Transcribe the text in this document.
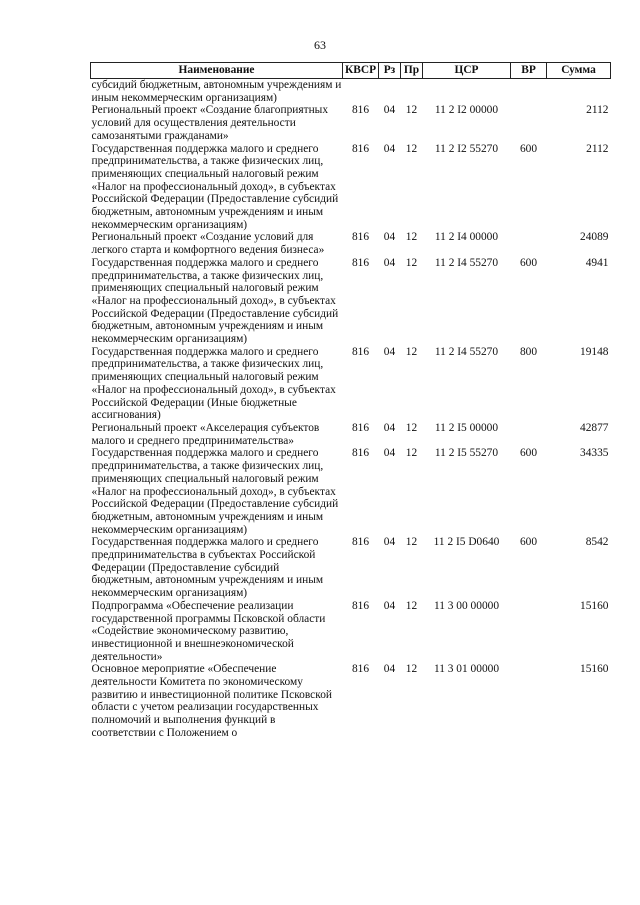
63
Наименование	КВСР	Рз	Пр	ЦСР	ВР	Сумма
субсидий бюджетным, автономным учреждениям и иным некоммерческим организациям)						
Региональный проект «Создание благоприятных условий для осуществления деятельности самозанятыми гражданами»	816	04	12	11 2 I2 00000		2112
Государственная поддержка малого и среднего предпринимательства, а также физических лиц, применяющих специальный налоговый режим «Налог на профессиональный доход», в субъектах Российской Федерации (Предоставление субсидий бюджетным, автономным учреждениям и иным некоммерческим организациям)	816	04	12	11 2 I2 55270	600	2112
Региональный проект «Создание условий для легкого старта и комфортного ведения бизнеса»	816	04	12	11 2 I4 00000		24089
Государственная поддержка малого и среднего предпринимательства, а также физических лиц, применяющих специальный налоговый режим «Налог на профессиональный доход», в субъектах Российской Федерации (Предоставление субсидий бюджетным, автономным учреждениям и иным некоммерческим организациям)	816	04	12	11 2 I4 55270	600	4941
Государственная поддержка малого и среднего предпринимательства, а также физических лиц, применяющих специальный налоговый режим «Налог на профессиональный доход», в субъектах Российской Федерации (Иные бюджетные ассигнования)	816	04	12	11 2 I4 55270	800	19148
Региональный проект «Акселерация субъектов малого и среднего предпринимательства»	816	04	12	11 2 I5 00000		42877
Государственная поддержка малого и среднего предпринимательства, а также физических лиц, применяющих специальный налоговый режим «Налог на профессиональный доход», в субъектах Российской Федерации (Предоставление субсидий бюджетным, автономным учреждениям и иным некоммерческим организациям)	816	04	12	11 2 I5 55270	600	34335
Государственная поддержка малого и среднего предпринимательства в субъектах Российской Федерации (Предоставление субсидий бюджетным, автономным учреждениям и иным некоммерческим организациям)	816	04	12	11 2 I5 D0640	600	8542
Подпрограмма «Обеспечение реализации государственной программы Псковской области «Содействие экономическому развитию, инвестиционной и внешнеэкономической деятельности»	816	04	12	11 3 00 00000		15160
Основное мероприятие «Обеспечение деятельности Комитета по экономическому развитию и инвестиционной политике Псковской области с учетом реализации государственных полномочий и выполнения функций в соответствии с Положением о	816	04	12	11 3 01 00000		15160
